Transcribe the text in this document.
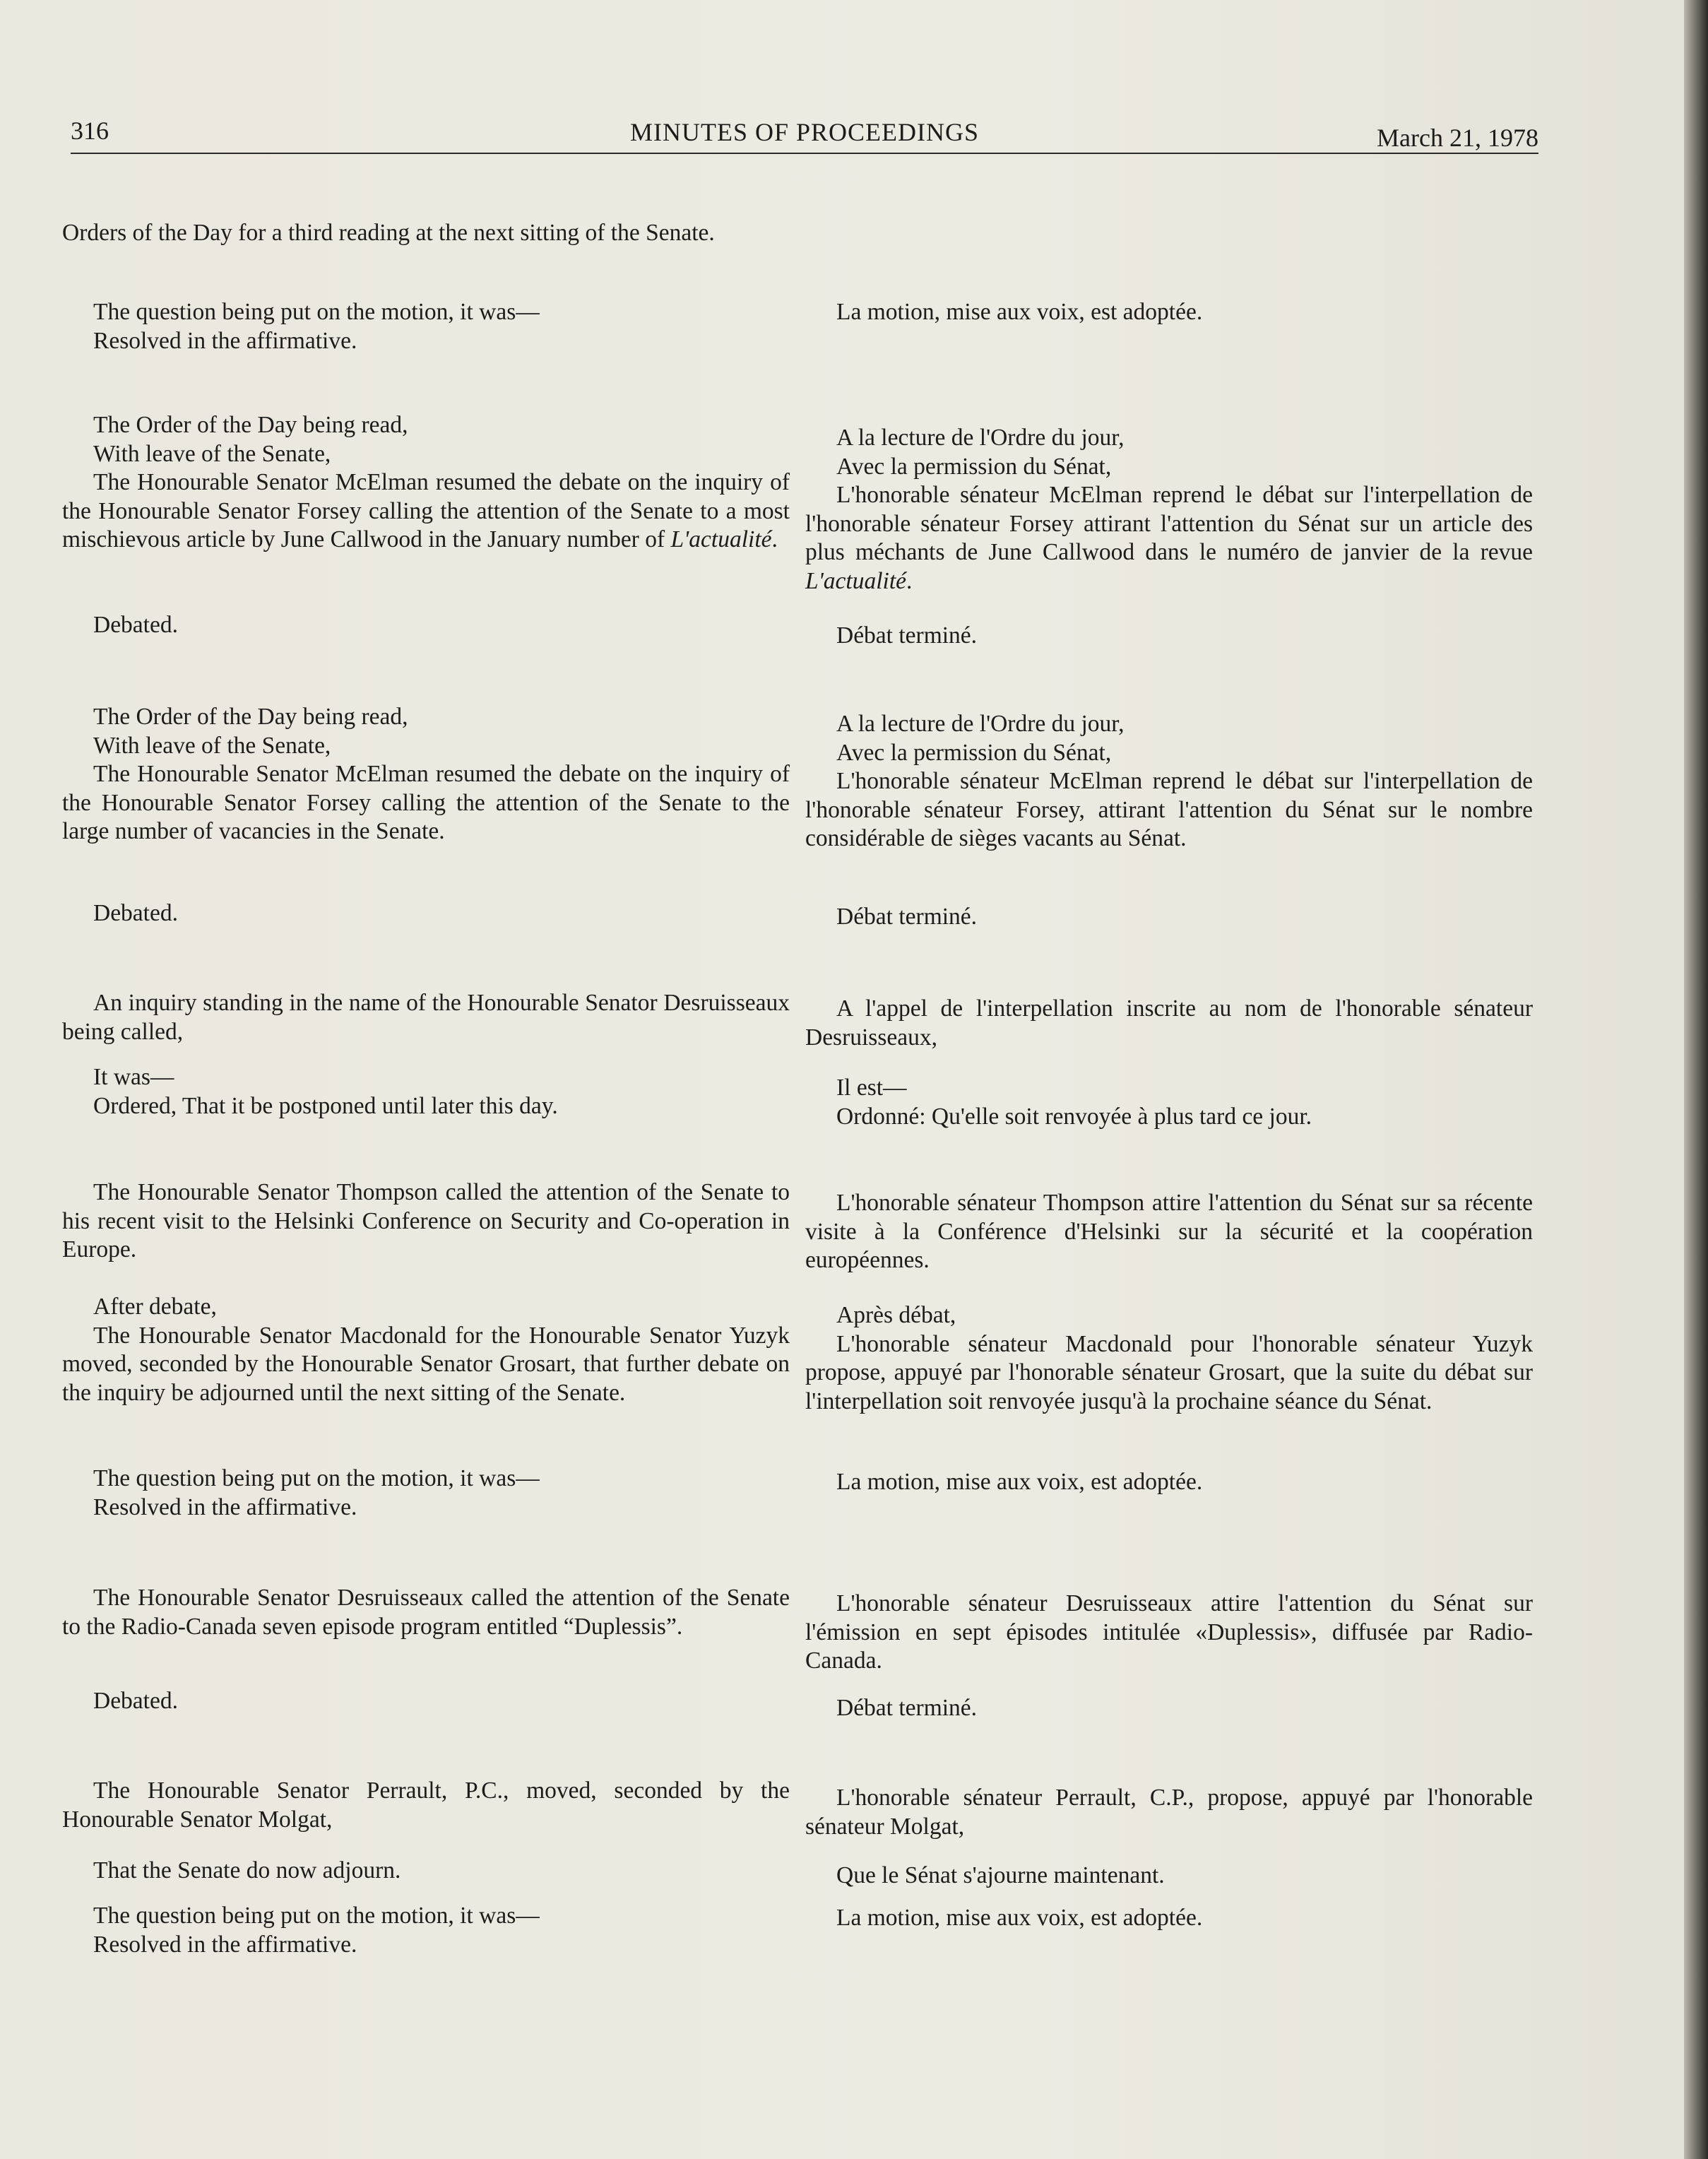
316	MINUTES OF PROCEEDINGS	March 21, 1978

Orders of the Day for a third reading at the next sitting of the Senate.

The question being put on the motion, it was—
Resolved in the affirmative.
The Order of the Day being read,
With leave of the Senate,

The Honourable Senator McElman resumed the debate on the inquiry of the Honourable Senator Forsey calling the attention of the Senate to a most mischievous article by June Callwood in the January number of L'actualité.

Debated.
The Order of the Day being read,
With leave of the Senate,

The Honourable Senator McElman resumed the debate on the inquiry of the Honourable Senator Forsey calling the attention of the Senate to the large number of vacancies in the Senate.

Debated.

An inquiry standing in the name of the Honourable Senator Desruisseaux being called,

It was—
Ordered, That it be postponed until later this day.

The Honourable Senator Thompson called the attention of the Senate to his recent visit to the Helsinki Conference on Security and Co-operation in Europe.

After debate,

The Honourable Senator Macdonald for the Honourable Senator Yuzyk moved, seconded by the Honourable Senator Grosart, that further debate on the inquiry be adjourned until the next sitting of the Senate.

The question being put on the motion, it was—
Resolved in the affirmative.

The Honourable Senator Desruisseaux called the attention of the Senate to the Radio-Canada seven episode program entitled “Duplessis”.

Debated.

The Honourable Senator Perrault, P.C., moved, seconded by the Honourable Senator Molgat,

That the Senate do now adjourn.
The question being put on the motion, it was—
Resolved in the affirmative.
La motion, mise aux voix, est adoptée.
A la lecture de l'Ordre du jour,
Avec la permission du Sénat,

L'honorable sénateur McElman reprend le débat sur l'interpellation de l'honorable sénateur Forsey attirant l'attention du Sénat sur un article des plus méchants de June Callwood dans le numéro de janvier de la revue L'actualité.

Débat terminé.
A la lecture de l'Ordre du jour,
Avec la permission du Sénat,

L'honorable sénateur McElman reprend le débat sur l'interpellation de l'honorable sénateur Forsey, attirant l'attention du Sénat sur le nombre considérable de sièges vacants au Sénat.

Débat terminé.

A l'appel de l'interpellation inscrite au nom de l'honorable sénateur Desruisseaux,

Il est—
Ordonné: Qu'elle soit renvoyée à plus tard ce jour.

L'honorable sénateur Thompson attire l'attention du Sénat sur sa récente visite à la Conférence d'Helsinki sur la sécurité et la coopération européennes.

Après débat,

L'honorable sénateur Macdonald pour l'honorable sénateur Yuzyk propose, appuyé par l'honorable sénateur Grosart, que la suite du débat sur l'interpellation soit renvoyée jusqu'à la prochaine séance du Sénat.

La motion, mise aux voix, est adoptée.

L'honorable sénateur Desruisseaux attire l'attention du Sénat sur l'émission en sept épisodes intitulée «Duplessis», diffusée par Radio-Canada.

Débat terminé.

L'honorable sénateur Perrault, C.P., propose, appuyé par l'honorable sénateur Molgat,

Que le Sénat s'ajourne maintenant.
La motion, mise aux voix, est adoptée.
